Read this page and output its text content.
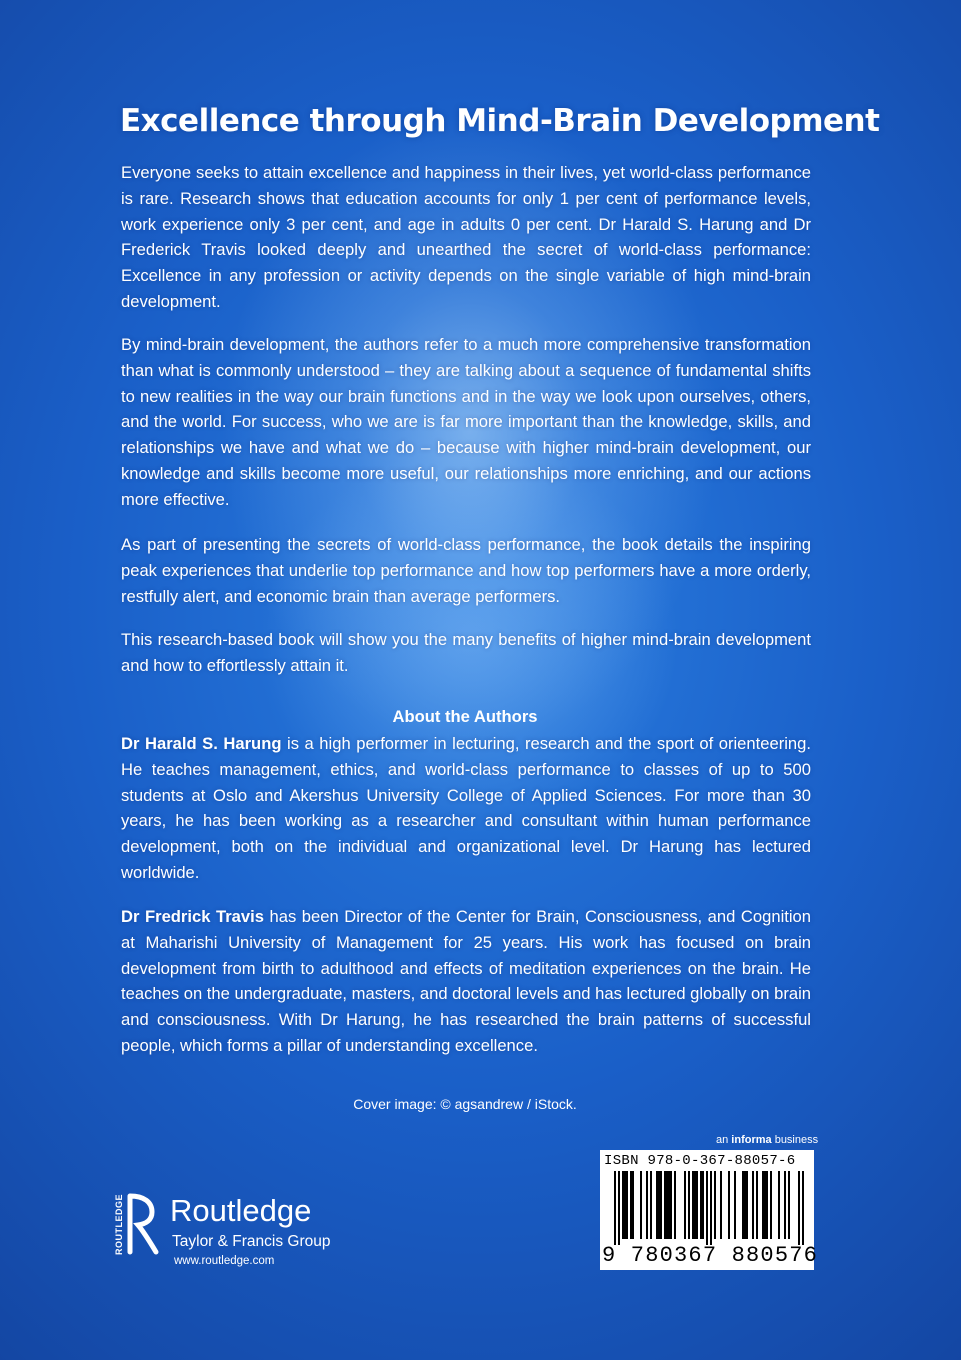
Excellence through Mind-Brain Development
Everyone seeks to attain excellence and happiness in their lives, yet world-class performance is rare. Research shows that education accounts for only 1 per cent of performance levels, work experience only 3 per cent, and age in adults 0 per cent. Dr Harald S. Harung and Dr Frederick Travis looked deeply and unearthed the secret of world-class performance: Excellence in any profession or activity depends on the single variable of high mind-brain development.
By mind-brain development, the authors refer to a much more comprehensive transformation than what is commonly understood – they are talking about a sequence of fundamental shifts to new realities in the way our brain functions and in the way we look upon ourselves, others, and the world. For success, who we are is far more important than the knowledge, skills, and relationships we have and what we do – because with higher mind-brain development, our knowledge and skills become more useful, our relationships more enriching, and our actions more effective.
As part of presenting the secrets of world-class performance, the book details the inspiring peak experiences that underlie top performance and how top performers have a more orderly, restfully alert, and economic brain than average performers.
This research-based book will show you the many benefits of higher mind-brain development and how to effortlessly attain it.
About the Authors
Dr Harald S. Harung is a high performer in lecturing, research and the sport of orienteering. He teaches management, ethics, and world-class performance to classes of up to 500 students at Oslo and Akershus University College of Applied Sciences. For more than 30 years, he has been working as a researcher and consultant within human performance development, both on the individual and organizational level. Dr Harung has lectured worldwide.
Dr Fredrick Travis has been Director of the Center for Brain, Consciousness, and Cognition at Maharishi University of Management for 25 years. His work has focused on brain development from birth to adulthood and effects of meditation experiences on the brain. He teaches on the undergraduate, masters, and doctoral levels and has lectured globally on brain and consciousness. With Dr Harung, he has researched the brain patterns of successful people, which forms a pillar of understanding excellence.
Cover image: © agsandrew / iStock.
ROUTLEDGE Routledge
Taylor & Francis Group
www.routledge.com
an informa business
ISBN 978-0-367-88057-6
9 780367 880576
